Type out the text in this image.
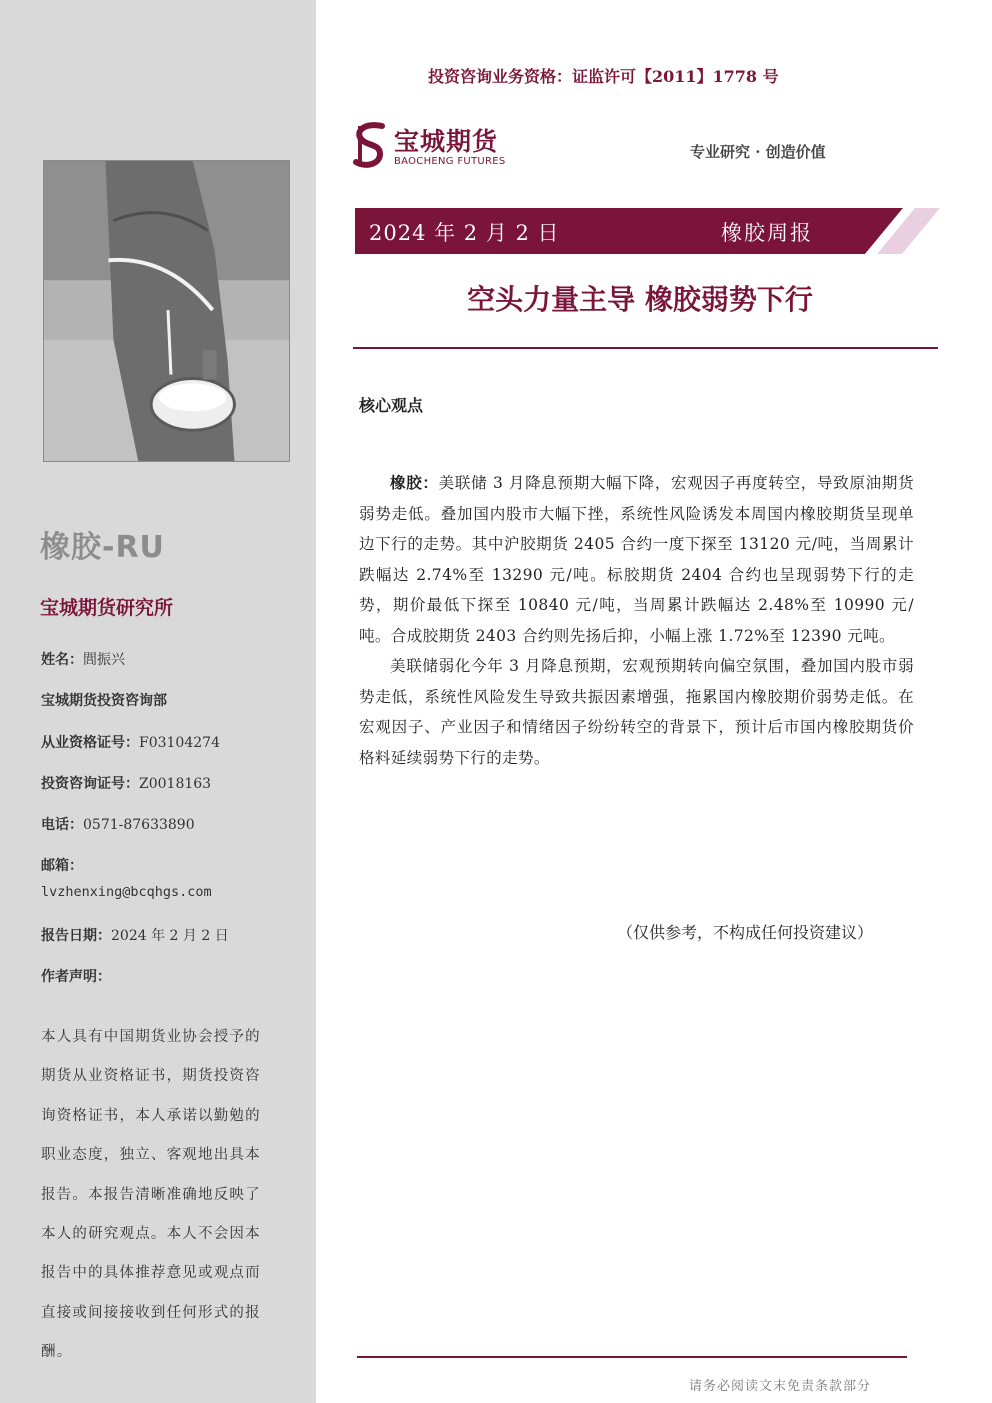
橡胶-RU
宝城期货研究所
姓名：閭振兴
宝城期货投资咨询部
从业资格证号：F03104274
投资咨询证号：Z0018163
电话：0571-87633890
邮箱：
lvzhenxing@bcqhgs.com
报告日期：2024 年 2 月 2 日
作者声明：
本人具有中国期货业协会授予的期货从业资格证书，期货投资咨询资格证书，本人承诺以勤勉的职业态度，独立、客观地出具本报告。本报告清晰准确地反映了本人的研究观点。本人不会因本报告中的具体推荐意见或观点而直接或间接接收到任何形式的报酬。
投资咨询业务资格：证监许可【2011】1778 号
宝城期货
BAOCHENG FUTURES
专业研究 · 创造价值
2024 年 2 月 2 日	橡胶周报
空头力量主导 橡胶弱势下行
核心观点

橡胶：美联储 3 月降息预期大幅下降，宏观因子再度转空，导致原油期货弱势走低。叠加国内股市大幅下挫，系统性风险诱发本周国内橡胶期货呈现单边下行的走势。其中沪胶期货 2405 合约一度下探至 13120 元/吨，当周累计跌幅达 2.74%至 13290 元/吨。标胶期货 2404 合约也呈现弱势下行的走势，期价最低下探至 10840 元/吨，当周累计跌幅达 2.48%至 10990 元/吨。合成胶期货 2403 合约则先扬后抑，小幅上涨 1.72%至 12390 元吨。

美联储弱化今年 3 月降息预期，宏观预期转向偏空氛围，叠加国内股市弱势走低，系统性风险发生导致共振因素增强，拖累国内橡胶期价弱势走低。在宏观因子、产业因子和情绪因子纷纷转空的背景下，预计后市国内橡胶期货价格料延续弱势下行的走势。

（仅供参考，不构成任何投资建议）
请务必阅读文末免责条款部分
